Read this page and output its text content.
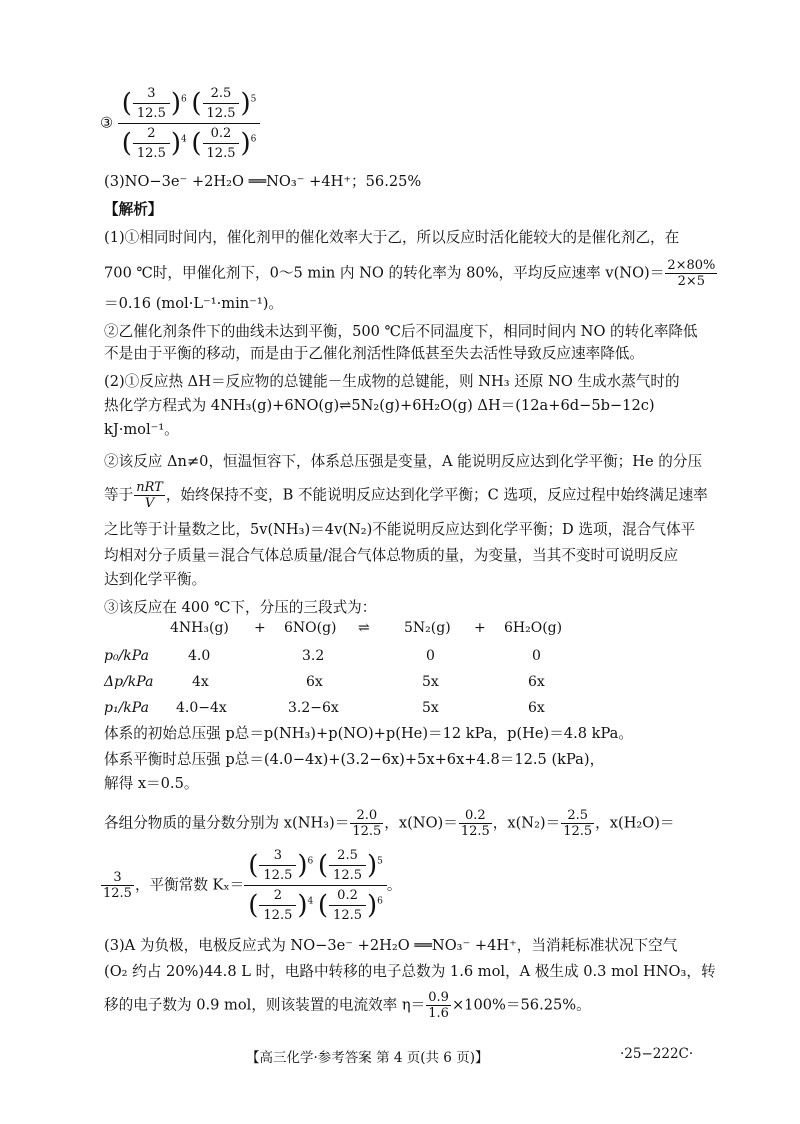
③ $\frac{( \frac{3}{12.5} )^6 ( \frac{2.5}{12.5} )^5}{( \frac{2}{12.5} )^4 ( \frac{0.2}{12.5} )^6}$
(3)NO−3e⁻ +2H₂O ══NO₃⁻ +4H⁺；56.25%
【解析】
(1)①相同时间内，催化剂甲的催化效率大于乙，所以反应时活化能较大的是催化剂乙，在
700 ℃时，甲催化剂下，0～5 min 内 NO 的转化率为 80%，平均反应速率 $v(NO)= \frac{2\times 80\%}{2\times 5}$
＝0.16 (mol·L⁻¹·min⁻¹)。
②乙催化剂条件下的曲线未达到平衡，500 ℃后不同温度下，相同时间内 NO 的转化率降低
不是由于平衡的移动，而是由于乙催化剂活性降低甚至失去活性导致反应速率降低。
(2)①反应热 ΔH＝反应物的总键能－生成物的总键能，则 NH₃ 还原 NO 生成水蒸气时的
热化学方程式为 4NH₃(g)+6NO(g)⇌5N₂(g)+6H₂O(g) ΔH＝(12a+6d−5b−12c)
kJ·mol⁻¹。
②该反应 Δn≠0，恒温恒容下，体系总压强是变量，A 能说明反应达到化学平衡；He 的分压
等于 $\frac{\text{nRT}}{V}$ ，始终保持不变，B 不能说明反应达到化学平衡；C 选项，反应过程中始终满足速率
之比等于计量数之比，5v(NH₃)＝4v(N₂)不能说明反应达到化学平衡；D 选项，混合气体平
均相对分子质量＝混合气体总质量/混合气体总物质的量，为变量，当其不变时可说明反应
达到化学平衡。
③该反应在 400 ℃下，分压的三段式为：
4NH₃(g) + 6NO(g) ⇌ 5N₂(g) + 6H₂O(g)
p₀/kPa	4.0	3.2	0	0
Δp/kPa	4x	6x	5x	6x
p₁/kPa 4.0−4x	3.2−6x	5x	6x
体系的初始总压强 p总＝p(NH₃)+p(NO)+p(He)＝12 kPa，p(He)＝4.8 kPa。
体系平衡时总压强 p总＝(4.0−4x)+(3.2−6x)+5x+6x+4.8＝12.5 (kPa)，
解得 x＝0.5。
各组分物质的量分数分别为 $x(NH_3)= \frac{2.0}{12.5}$ ，$x(NO)= \frac{0.2}{12.5}$ ，$x(N_2)= \frac{2.5}{12.5}$ ，x(H₂O)＝
$\frac{3}{12.5}$ ，平衡常数 $K_x= \frac{( \frac{3}{12.5} )^6 ( \frac{2.5}{12.5} )^5}{( \frac{2}{12.5} )^4 ( \frac{0.2}{12.5} )^6}$ 。
(3)A 为负极，电极反应式为 NO−3e⁻ +2H₂O ══NO₃⁻ +4H⁺，当消耗标准状况下空气
(O₂ 约占 20%)44.8 L 时，电路中转移的电子总数为 1.6 mol，A 极生成 0.3 mol HNO₃，转
移的电子数为 0.9 mol，则该装置的电流效率 $\eta= \frac{0.9}{1.6} \times 100\%=56.25\%$。
【高三化学·参考答案 第 4 页(共 6 页)】	·25−222C·
